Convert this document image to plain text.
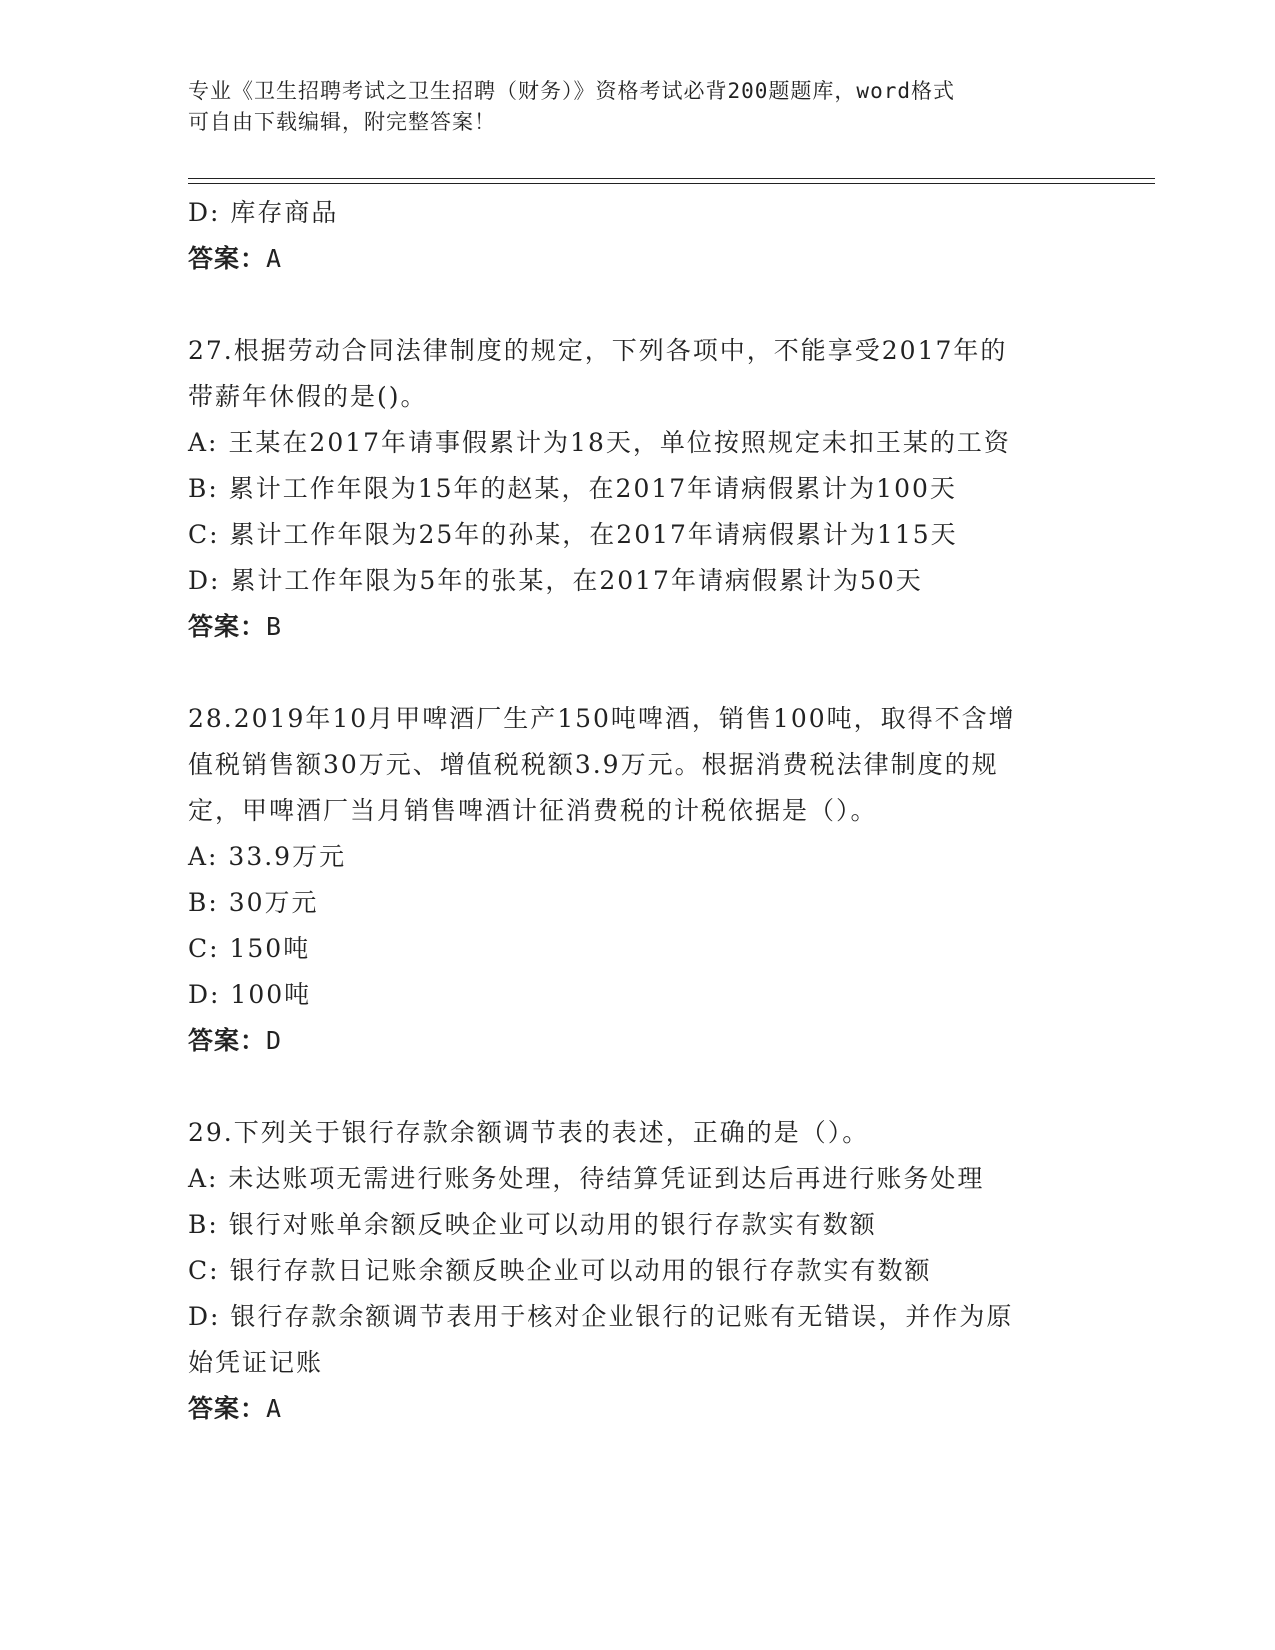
专业《卫生招聘考试之卫生招聘（财务）》资格考试必背200题题库，word格式
可自由下载编辑，附完整答案！
D: 库存商品
答案：A
27.根据劳动合同法律制度的规定，下列各项中，不能享受2017年的
带薪年休假的是()。
A: 王某在2017年请事假累计为18天，单位按照规定未扣王某的工资
B: 累计工作年限为15年的赵某，在2017年请病假累计为100天
C: 累计工作年限为25年的孙某，在2017年请病假累计为115天
D: 累计工作年限为5年的张某，在2017年请病假累计为50天
答案：B
28.2019年10月甲啤酒厂生产150吨啤酒，销售100吨，取得不含增
值税销售额30万元、增值税税额3.9万元。根据消费税法律制度的规
定，甲啤酒厂当月销售啤酒计征消费税的计税依据是（）。
A: 33.9万元
B: 30万元
C: 150吨
D: 100吨
答案：D
29.下列关于银行存款余额调节表的表述，正确的是（）。
A: 未达账项无需进行账务处理，待结算凭证到达后再进行账务处理
B: 银行对账单余额反映企业可以动用的银行存款实有数额
C: 银行存款日记账余额反映企业可以动用的银行存款实有数额
D: 银行存款余额调节表用于核对企业银行的记账有无错误，并作为原
始凭证记账
答案：A
